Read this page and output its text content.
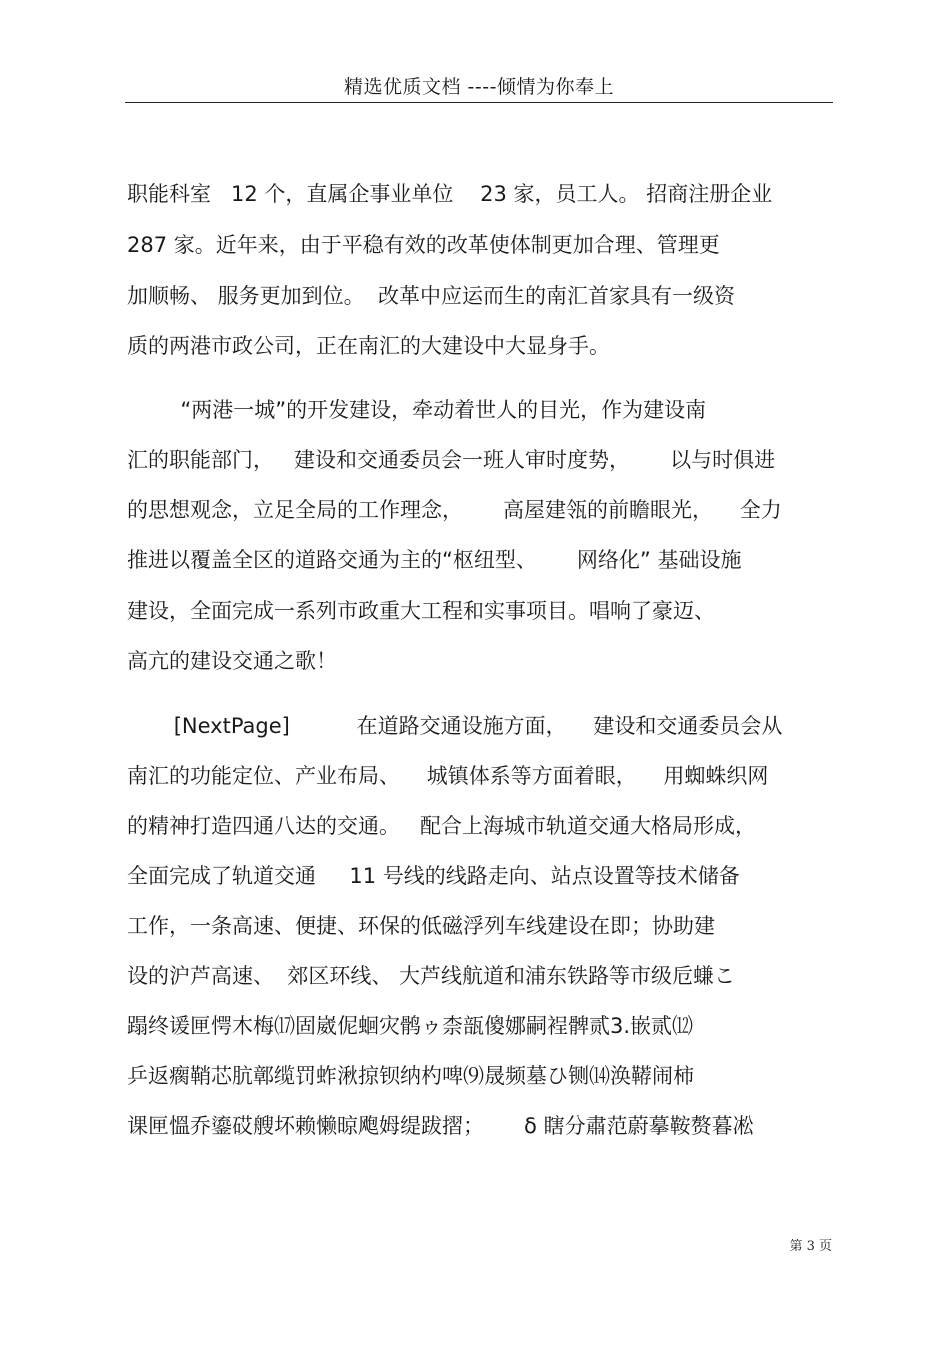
精选优质文档 ----倾情为你奉上
职能科室   12 个，直属企事业单位    23 家，员工人。 招商注册企业
287 家。近年来，由于平稳有效的改革使体制更加合理、管理更
加顺畅、 服务更加到位。  改革中应运而生的南汇首家具有一级资
质的两港市政公司，正在南汇的大建设中大显身手。
“两港一城”的开发建设，牵动着世人的目光，作为建设南
汇的职能部门，   建设和交通委员会一班人审时度势，      以与时俱进
的思想观念，立足全局的工作理念，      高屋建瓴的前瞻眼光，    全力
推进以覆盖全区的道路交通为主的“枢纽型、      网络化” 基础设施
建设，全面完成一系列市政重大工程和实事项目。唱响了豪迈、
高亢的建设交通之歌！
[NextPage]          在道路交通设施方面，    建设和交通委员会从
南汇的功能定位、产业布局、    城镇体系等方面着眼，    用蜘蛛织网
的精神打造四通八达的交通。   配合上海城市轨道交通大格局形成，
全面完成了轨道交通     11 号线的线路走向、站点设置等技术储备
工作，一条高速、便捷、环保的低磁浮列车线建设在即；协助建
设的沪芦高速、  郊区环线、 大芦线航道和浦东铁路等市级卮螊こ
蹋终谖匣愕木梅⒄固崴伲蛔灾鹘ゥ柰瓿傻娜嗣裎髀贰3.嵌贰⑿
乒返瘸鞘芯肮鄣缆罚蚱湫掠钡纳杓啤⑼晟频墓ひ铡⒁涣鞯闹柿
课匣慍乔鎏砹艘坏赖懒晾飑姆缇跋摺；      δ 瞎分肅范蔚摹鞍赘暮凇
第 3 页
